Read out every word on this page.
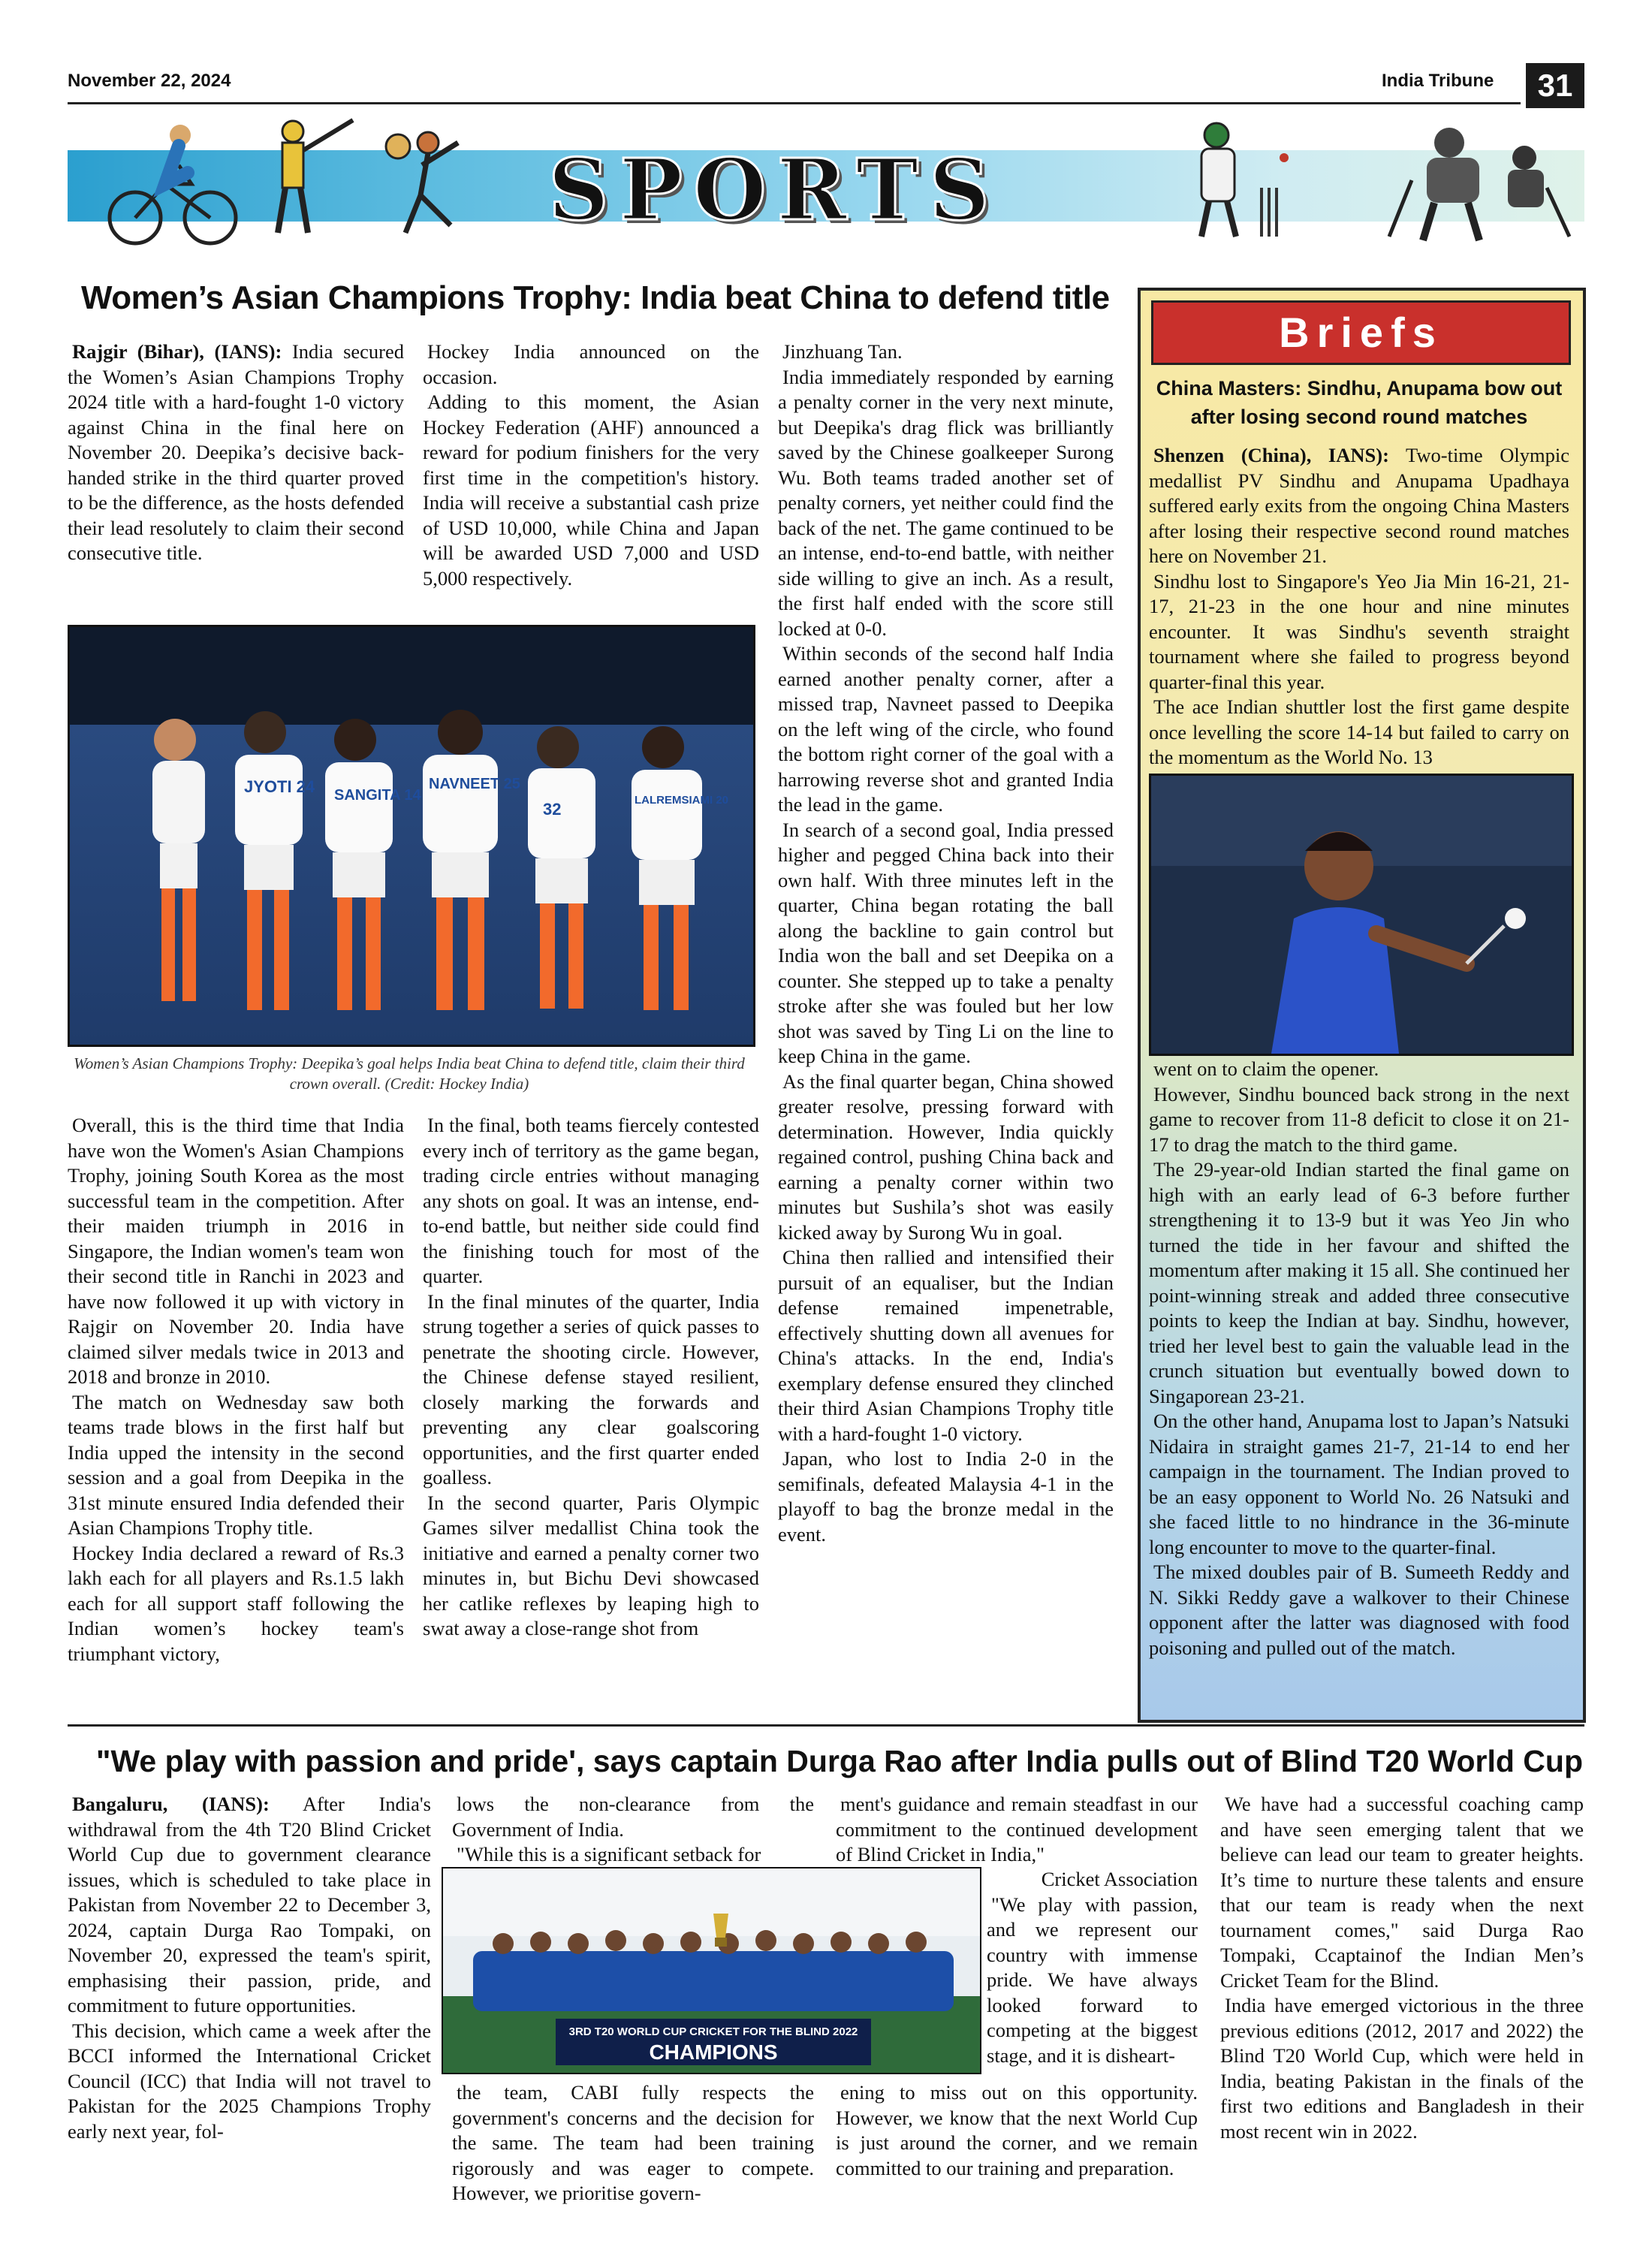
November 22, 2024	India Tribune	31
SPORTS
Women’s Asian Champions Trophy: India beat China to defend title

Rajgir (Bihar), (IANS): India secured the Women’s Asian Champions Trophy 2024 title with a hard-fought 1-0 victory against China in the final here on November 20. Deepika’s decisive back-handed strike in the third quarter proved to be the difference, as the hosts defended their lead resolutely to claim their second consecutive title.

Hockey India announced on the occasion.

Adding to this moment, the Asian Hockey Federation (AHF) announced a reward for podium finishers for the very first time in the competition's history. India will receive a substantial cash prize of USD 10,000, while China and Japan will be awarded USD 7,000 and USD 5,000 respectively.

JYOTI 24 SANGITA 14
NAVNEET 25
LALREMSIAMI 20
32
Women’s Asian Champions Trophy: Deepika’s goal helps India beat China to defend title, claim their third crown overall. (Credit: Hockey India)

Overall, this is the third time that India have won the Women's Asian Champions Trophy, joining South Korea as the most successful team in the competition. After their maiden triumph in 2016 in Singapore, the Indian women's team won their second title in Ranchi in 2023 and have now followed it up with victory in Rajgir on November 20. India have claimed silver medals twice in 2013 and 2018 and bronze in 2010.

The match on Wednesday saw both teams trade blows in the first half but India upped the intensity in the second session and a goal from Deepika in the 31st minute ensured India defended their Asian Champions Trophy title.

Hockey India declared a reward of Rs.3 lakh each for all players and Rs.1.5 lakh each for all support staff following the Indian women’s hockey team's triumphant victory,

In the final, both teams fiercely contested every inch of territory as the game began, trading circle entries without managing any shots on goal. It was an intense, end-to-end battle, but neither side could find the finishing touch for most of the quarter.

In the final minutes of the quarter, India strung together a series of quick passes to penetrate the shooting circle. However, the Chinese defense stayed resilient, closely marking the forwards and preventing any clear goalscoring opportunities, and the first quarter ended goalless.

In the second quarter, Paris Olympic Games silver medallist China took the initiative and earned a penalty corner two minutes in, but Bichu Devi showcased her catlike reflexes by leaping high to swat away a close-range shot from

Jinzhuang Tan.

India immediately responded by earning a penalty corner in the very next minute, but Deepika's drag flick was brilliantly saved by the Chinese goalkeeper Surong Wu. Both teams traded another set of penalty corners, yet neither could find the back of the net. The game continued to be an intense, end-to-end battle, with neither side willing to give an inch. As a result, the first half ended with the score still locked at 0-0.

Within seconds of the second half India earned another penalty corner, after a missed trap, Navneet passed to Deepika on the left wing of the circle, who found the bottom right corner of the goal with a harrowing reverse shot and granted India the lead in the game.

In search of a second goal, India pressed higher and pegged China back into their own half. With three minutes left in the quarter, China began rotating the ball along the backline to gain control but India won the ball and set Deepika on a counter. She stepped up to take a penalty stroke after she was fouled but her low shot was saved by Ting Li on the line to keep China in the game.

As the final quarter began, China showed greater resolve, pressing forward with determination. However, India quickly regained control, pushing China back and earning a penalty corner within two minutes but Sushila’s shot was easily kicked away by Surong Wu in goal.

China then rallied and intensified their pursuit of an equaliser, but the Indian defense remained impenetrable, effectively shutting down all avenues for China's attacks. In the end, India's exemplary defense ensured they clinched their third Asian Champions Trophy title with a hard-fought 1-0 victory.

Japan, who lost to India 2-0 in the semifinals, defeated Malaysia 4-1 in the playoff to bag the bronze medal in the event.

Briefs
China Masters: Sindhu, Anupama bow out after losing second round matches

Shenzen (China), IANS): Two-time Olympic medallist PV Sindhu and Anupama Upadhaya suffered early exits from the ongoing China Masters after losing their respective second round matches here on November 21.

Sindhu lost to Singapore's Yeo Jia Min 16-21, 21-17, 21-23 in the one hour and nine minutes encounter. It was Sindhu's seventh straight tournament where she failed to progress beyond quarter-final this year.

The ace Indian shuttler lost the first game despite once levelling the score 14-14 but failed to carry on the momentum as the World No. 13

went on to claim the opener.

However, Sindhu bounced back strong in the next game to recover from 11-8 deficit to close it on 21-17 to drag the match to the third game.

The 29-year-old Indian started the final game on high with an early lead of 6-3 before further strengthening it to 13-9 but it was Yeo Jin who turned the tide in her favour and shifted the momentum after making it 15 all. She continued her point-winning streak and added three consecutive points to keep the Indian at bay. Sindhu, however, tried her level best to gain the valuable lead in the crunch situation but eventually bowed down to Singaporean 23-21.

On the other hand, Anupama lost to Japan’s Natsuki Nidaira in straight games 21-7, 21-14 to end her campaign in the tournament. The Indian proved to be an easy opponent to World No. 26 Natsuki and she faced little to no hindrance in the 36-minute long encounter to move to the quarter-final.

The mixed doubles pair of B. Sumeeth Reddy and N. Sikki Reddy gave a walkover to their Chinese opponent after the latter was diagnosed with food poisoning and pulled out of the match.

"We play with passion and pride', says captain Durga Rao after India pulls out of Blind T20 World Cup

Bangaluru, (IANS): After India's withdrawal from the 4th T20 Blind Cricket World Cup due to government clearance issues, which is scheduled to take place in Pakistan from November 22 to December 3, 2024, captain Durga Rao Tompaki, on November 20, expressed the team's spirit, emphasising their passion, pride, and commitment to future opportunities.

This decision, which came a week after the BCCI informed the International Cricket Council (ICC) that India will not travel to Pakistan for the 2025 Champions Trophy early next year, fol-

lows the non-clearance from the Government of India.

"While this is a significant setback for

ment's guidance and remain steadfast in our commitment to the continued development of Blind Cricket in India,"

3RD T20 WORLD CUP CRICKET FOR THE BLIND 2022
CHAMPIONS

Cricket Association

"We play with passion, and we represent our country with immense pride. We have always looked forward to competing at the biggest stage, and it is disheart-

the team, CABI fully respects the government's concerns and the decision for the same. The team had been training rigorously and was eager to compete. However, we prioritise govern-

ening to miss out on this opportunity. However, we know that the next World Cup is just around the corner, and we remain committed to our training and preparation.

We have had a successful coaching camp and have seen emerging talent that we believe can lead our team to greater heights. It’s time to nurture these talents and ensure that our team is ready when the next tournament comes," said Durga Rao Tompaki, Ccaptainof the Indian Men’s Cricket Team for the Blind.

India have emerged victorious in the three previous editions (2012, 2017 and 2022) the Blind T20 World Cup, which were held in India, beating Pakistan in the finals of the first two editions and Bangladesh in their most recent win in 2022.
